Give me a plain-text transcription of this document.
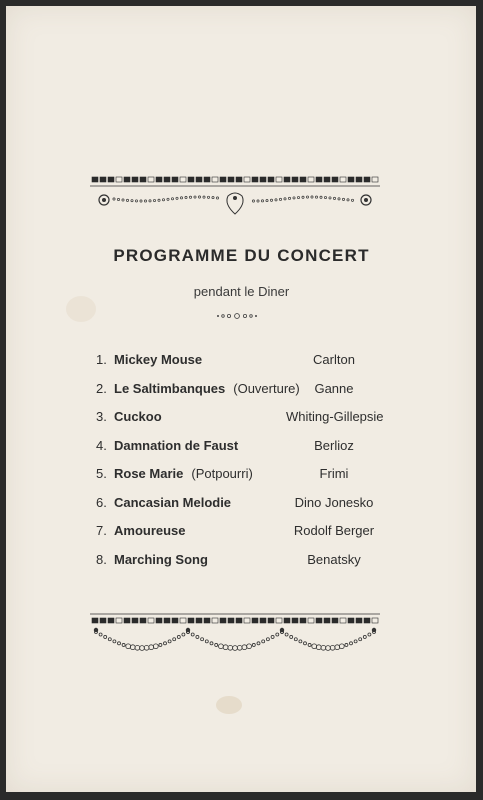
PROGRAMME DU CONCERT
pendant le Diner
1. Mickey Mouse	Carlton
2. Le Saltimbanques (Ouverture)	Ganne
3. Cuckoo	Whiting-Gillepsie
4. Damnation de Faust	Berlioz
5. Rose Marie (Potpourri)	Frimi
6. Cancasian Melodie	Dino Jonesko
7. Amoureuse	Rodolf Berger
8. Marching Song	Benatsky
